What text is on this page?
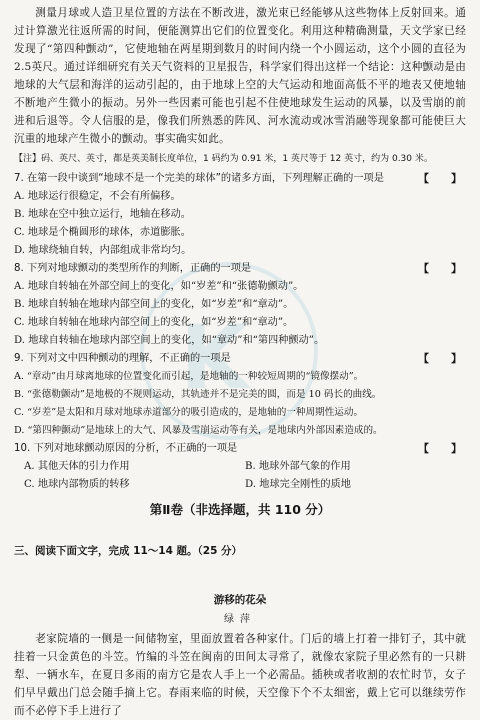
K
测量月球或人造卫星位置的方法在不断改进，激光束已经能够从这些物体上反射回来。通过计算激光往返所需的时间，便能测算出它们的位置变化。利用这种精确测量，天文学家已经发现了“第四种颤动”，它使地轴在两星期到数月的时间内绕一个小圆运动，这个小圆的直径为 2.5英尺。通过详细研究有关天气资料的卫星报告，科学家们得出这样一个结论：这种颤动是由地球的大气层和海洋的运动引起的，由于地球上空的大气运动和地面高低不平的地表又使地轴不断地产生微小的振动。另外一些因素可能也引起不住使地球发生运动的风暴，以及雪崩的前进和后退等。令人信服的是，像我们所熟悉的阵风、河水流动或冰雪消融等现象都可能使巨大沉重的地球产生微小的颤动。事实确实如此。
【注】码、英尺、英寸，都是英美制长度单位，1 码约为 0.91 米，1 英尺等于 12 英寸，约为 0.30 米。
7. 在第一段中谈到“地球不是一个完美的球体”的诸多方面，下列理解正确的一项是	【　　】
A. 地球运行很稳定，不会有所偏移。
B. 地球在空中独立运行，地轴在移动。
C. 地球是个椭圆形的球体，赤道膨胀。
D. 地球绕轴自转，内部组成非常均匀。
8. 下列对地球颤动的类型所作的判断，正确的一项是	【　　】
A. 地球自转轴在外部空间上的变化，如“岁差”和“张德勒颤动”。
B. 地球自转轴在地球内部空间上的变化，如“岁差”和“章动”。
C. 地球自转轴在地球内部空间上的变化，如“岁差”和“章动”。
D. 地球自转轴在地球内部空间上的变化，如“章动”和“第四种颤动”。
9. 下列对文中四种颤动的理解，不正确的一项是	【　　】
A. “章动”由月球离地球的位置变化而引起，是地轴的一种较短周期的“镜像摆动”。
B. “张德勒颤动”是地极的不规则运动，其轨迹并不是完美的圆，而是 10 码长的曲线。
C. “岁差”是太阳和月球对地球赤道部分的吸引造成的，是地轴的一种周期性运动。
D. “第四种颤动”是地球上的大气、风暴及雪崩运动等有关，是地球内外部因素造成的。
10. 下列对地球颤动原因的分析，不正确的一项是	【　　】
A. 其他天体的引力作用	B. 地球外部气象的作用
C. 地球内部物质的转移	D. 地球完全刚性的质地
第Ⅱ卷（非选择题，共 110 分）
三、阅读下面文字，完成 11～14 题。（25 分）
游移的花朵
绿萍
老家院墙的一侧是一间储物室，里面放置着各种家什。门后的墙上打着一排钉子，其中就挂着一只金黄色的斗笠。竹编的斗笠在闽南的田间太寻常了，就像农家院子里必然有的一只耕犁、一辆水车，在夏日多雨的南方它是农人手上一个必需品。插秧或者收割的农忙时节，女子们早早戴出门总会随手摘上它。春雨来临的时候，天空像下个不太细密，戴上它可以继续劳作而不必停下手上进行了
